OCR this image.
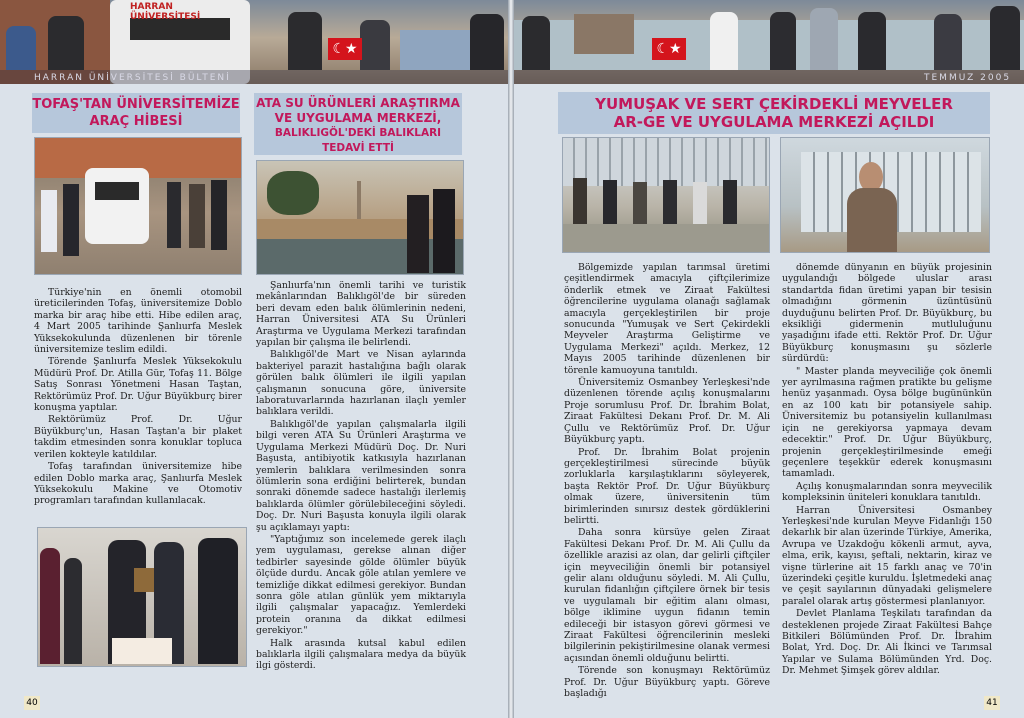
HARRAN ÜNİVERSİTESİ
☾★
HARRAN ÜNİVERSİTESİ BÜLTENİ
TOFAŞ'TAN ÜNİVERSİTEMİZE
ARAÇ HİBESİ
ATA SU ÜRÜNLERİ ARAŞTIRMA
VE UYGULAMA MERKEZİ,
BALIKLIGÖL'DEKİ BALIKLARI TEDAVİ ETTİ

Türkiye'nin en önemli otomobil üreticilerinden Tofaş, üniversitemize Doblo marka bir araç hibe etti. Hibe edilen araç, 4 Mart 2005 tarihinde Şanlıurfa Meslek Yüksekokulunda düzenlenen bir törenle üniversitemize teslim edildi.

Törende Şanlıurfa Meslek Yüksekokulu Müdürü Prof. Dr. Atilla Gür, Tofaş 11. Bölge Satış Sonrası Yönetmeni Hasan Taştan, Rektörümüz Prof. Dr. Uğur Büyükburç birer konuşma yaptılar.

Rektörümüz Prof. Dr. Uğur Büyükburç'un, Hasan Taştan'a bir plaket takdim etmesinden sonra konuklar topluca verilen kokteyle katıldılar.

Tofaş tarafından üniversitemize hibe edilen Doblo marka araç, Şanlıurfa Meslek Yüksekokulu Makine ve Otomotiv programları tarafından kullanılacak.

Şanlıurfa'nın önemli tarihi ve turistik mekânlarından Balıklıgöl'de bir süreden beri devam eden balık ölümlerinin nedeni, Harran Üniversitesi ATA Su Ürünleri Araştırma ve Uygulama Merkezi tarafından yapılan bir çalışma ile belirlendi.

Balıklıgöl'de Mart ve Nisan aylarında bakteriyel parazit hastalığına bağlı olarak görülen balık ölümleri ile ilgili yapılan çalışmanın sonucuna göre, üniversite laboratuvarlarında hazırlanan ilaçlı yemler balıklara verildi.

Balıklıgöl'de yapılan çalışmalarla ilgili bilgi veren ATA Su Ürünleri Araştırma ve Uygulama Merkezi Müdürü Doç. Dr. Nuri Başusta, antibiyotik katkısıyla hazırlanan yemlerin balıklara verilmesinden sonra ölümlerin sona erdiğini belirterek, bundan sonraki dönemde sadece hastalığı ilerlemiş balıklarda ölümler görülebileceğini söyledi. Doç. Dr. Nuri Başusta konuyla ilgili olarak şu açıklamayı yaptı:

"Yaptığımız son incelemede gerek ilaçlı yem uygulaması, gerekse alınan diğer tedbirler sayesinde gölde ölümler büyük ölçüde durdu. Ancak göle atılan yemlere ve temizliğe dikkat edilmesi gerekiyor. Bundan sonra göle atılan günlük yem miktarıyla ilgili çalışmalar yapacağız. Yemlerdeki protein oranına da dikkat edilmesi gerekiyor."

Halk arasında kutsal kabul edilen balıklarla ilgili çalışmalara medya da büyük ilgi gösterdi.

40
☾★
TEMMUZ 2005
YUMUŞAK VE SERT ÇEKİRDEKLİ MEYVELER
AR-GE VE UYGULAMA MERKEZİ AÇILDI

Bölgemizde yapılan tarımsal üretimi çeşitlendirmek amacıyla çiftçilerimize önderlik etmek ve Ziraat Fakültesi öğrencilerine uygulama olanağı sağlamak amacıyla gerçekleştirilen bir proje sonucunda "Yumuşak ve Sert Çekirdekli Meyveler Araştırma Geliştirme ve Uygulama Merkezi" açıldı. Merkez, 12 Mayıs 2005 tarihinde düzenlenen bir törenle kamuoyuna tanıtıldı.

Üniversitemiz Osmanbey Yerleşkesi'nde düzenlenen törende açılış konuşmalarını Proje sorumlusu Prof. Dr. İbrahim Bolat, Ziraat Fakültesi Dekanı Prof. Dr. M. Ali Çullu ve Rektörümüz Prof. Dr. Uğur Büyükburç yaptı.

Prof. Dr. İbrahim Bolat projenin gerçekleştirilmesi sürecinde büyük zorluklarla karşılaştıklarını söyleyerek, başta Rektör Prof. Dr. Uğur Büyükburç olmak üzere, üniversitenin tüm birimlerinden sınırsız destek gördüklerini belirtti.

Daha sonra kürsüye gelen Ziraat Fakültesi Dekanı Prof. Dr. M. Ali Çullu da özellikle arazisi az olan, dar gelirli çiftçiler için meyveciliğin önemli bir potansiyel gelir alanı olduğunu söyledi. M. Ali Çullu, kurulan fidanlığın çiftçilere örnek bir tesis ve uygulamalı bir eğitim alanı olması, bölge iklimine uygun fidanın temin edileceği bir istasyon görevi görmesi ve Ziraat Fakültesi öğrencilerinin mesleki bilgilerinin pekiştirilmesine olanak vermesi açısından önemli olduğunu belirtti.

Törende son konuşmayı Rektörümüz Prof. Dr. Uğur Büyükburç yaptı. Göreve başladığı

dönemde dünyanın en büyük projesinin uygulandığı bölgede uluslar arası standartda fidan üretimi yapan bir tesisin olmadığını görmenin üzüntüsünü duyduğunu belirten Prof. Dr. Büyükburç, bu eksikliği gidermenin mutluluğunu yaşadığını ifade etti. Rektör Prof. Dr. Uğur Büyükburç konuşmasını şu sözlerle sürdürdü:

" Master planda meyveciliğe çok önemli yer ayrılmasına rağmen pratikte bu gelişme henüz yaşanmadı. Oysa bölge bugününkün en az 100 katı bir potansiyele sahip. Üniversitemiz bu potansiyelin kullanılması için ne gerekiyorsa yapmaya devam edecektir." Prof. Dr. Uğur Büyükburç, projenin gerçekleştirilmesinde emeği geçenlere teşekkür ederek konuşmasını tamamladı.

Açılış konuşmalarından sonra meyvecilik kompleksinin üniteleri konuklara tanıtıldı.

Harran Üniversitesi Osmanbey Yerleşkesi'nde kurulan Meyve Fidanlığı 150 dekarlık bir alan üzerinde Türkiye, Amerika, Avrupa ve Uzakdoğu kökenli armut, ayva, elma, erik, kayısı, şeftali, nektarin, kiraz ve vişne türlerine ait 15 farklı anaç ve 70'in üzerindeki çeşitle kuruldu. İşletmedeki anaç ve çeşit sayılarının dünyadaki gelişmelere paralel olarak artış göstermesi planlanıyor.

Devlet Planlama Teşkilatı tarafından da desteklenen projede Ziraat Fakültesi Bahçe Bitkileri Bölümünden Prof. Dr. İbrahim Bolat, Yrd. Doç. Dr. Ali İkinci ve Tarımsal Yapılar ve Sulama Bölümünden Yrd. Doç. Dr. Mehmet Şimşek görev aldılar.

41
